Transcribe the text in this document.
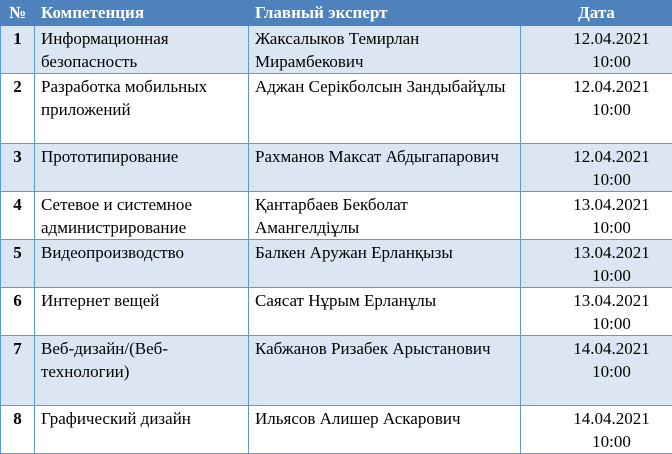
№	Компетенция	Главный эксперт	Дата
1	Информационная безопасность	Жаксалыков Темирлан Мирамбекович	12.04.2021
10:00

2	Разработка мобильных приложений	Аджан Серікболсын Зандыбайұлы	12.04.2021
10:00

3	Прототипирование	Рахманов Максат Абдыгапарович	12.04.2021
10:00

4	Сетевое и системное администрирование	Қантарбаев Бекболат Амангелдіұлы	13.04.2021
10:00

5	Видеопроизводство	Балкен Аружан Ерланқызы	13.04.2021
10:00

6	Интернет вещей	Саясат Нұрым Ерланұлы	13.04.2021
10:00

7	Веб-дизайн/(Веб-технологии)	Кабжанов Ризабек Арыстанович	14.04.2021
10:00

8	Графический дизайн	Ильясов Алишер Аскарович	14.04.2021
10:00
